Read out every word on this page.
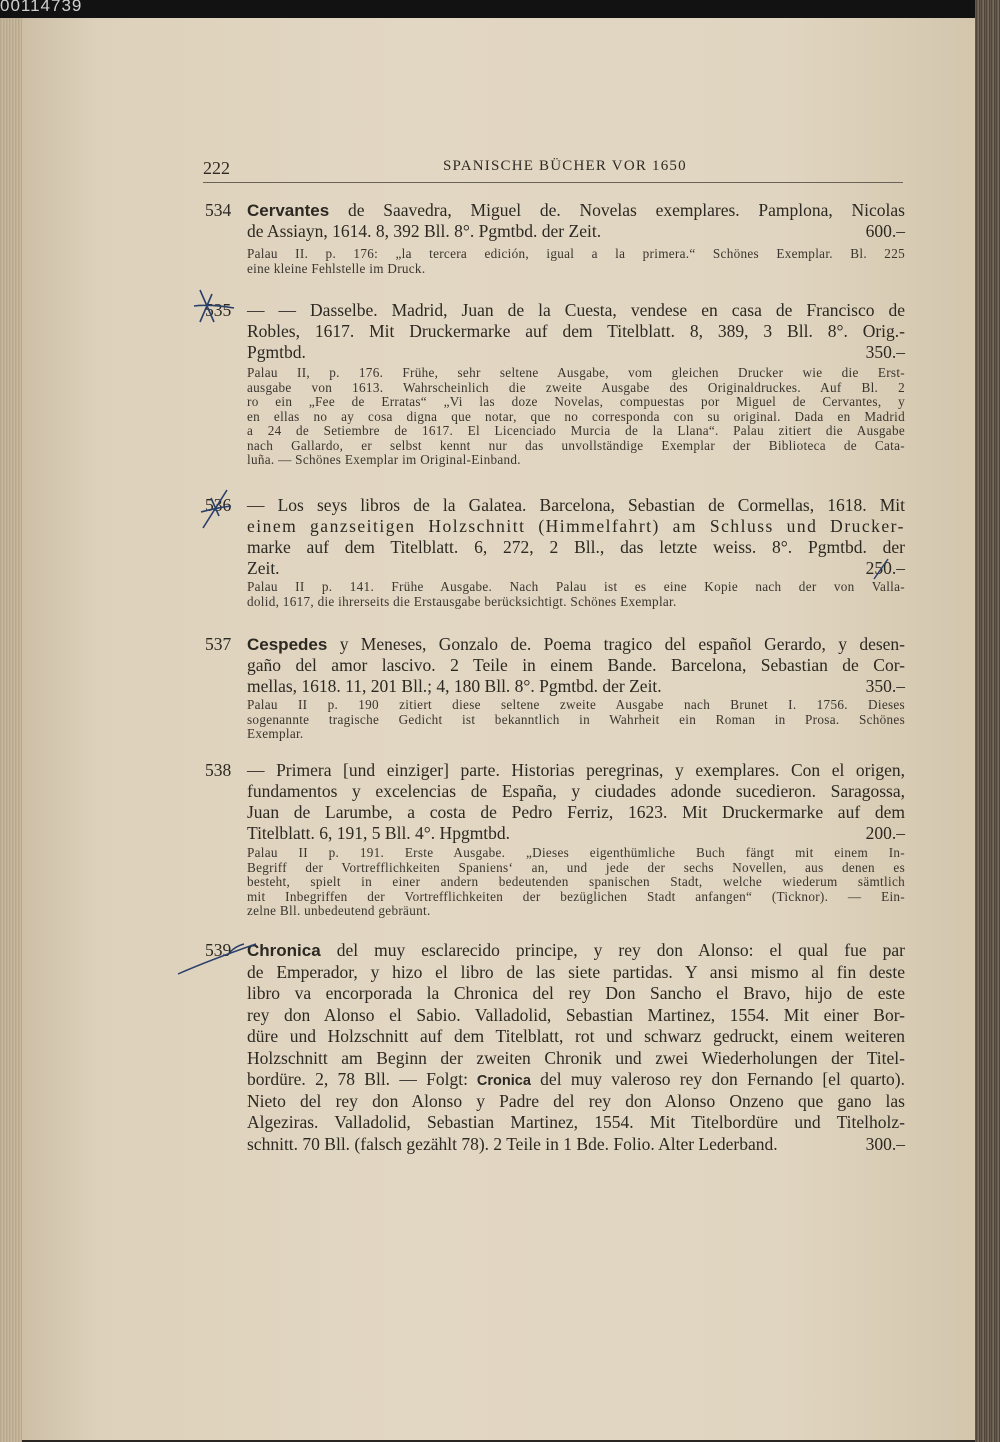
00114739
222	SPANISCHE BÜCHER VOR 1650
534 Cervantes de Saavedra, Miguel de. Novelas exemplares. Pamplona, Nicolas
de Assiayn, 1614. 8, 392 Bll. 8°. Pgmtbd. der Zeit.	600.–
Palau II. p. 176: „la tercera edición, igual a la primera.“ Schönes Exemplar. Bl. 225
eine kleine Fehlstelle im Druck.
535 — — Dasselbe. Madrid, Juan de la Cuesta, vendese en casa de Francisco de
Robles, 1617. Mit Druckermarke auf dem Titelblatt. 8, 389, 3 Bll. 8°. Orig.-
Pgmtbd.	350.–
Palau II, p. 176. Frühe, sehr seltene Ausgabe, vom gleichen Drucker wie die Erst-
ausgabe von 1613. Wahrscheinlich die zweite Ausgabe des Originaldruckes. Auf Bl. 2
ro ein „Fee de Erratas“ „Vi las doze Novelas, compuestas por Miguel de Cervantes, y
en ellas no ay cosa digna que notar, que no corresponda con su original. Dada en Madrid
a 24 de Setiembre de 1617. El Licenciado Murcia de la Llana“. Palau zitiert die Ausgabe
nach Gallardo, er selbst kennt nur das unvollständige Exemplar der Biblioteca de Cata-
luña. — Schönes Exemplar im Original-Einband.
536 — Los seys libros de la Galatea. Barcelona, Sebastian de Cormellas, 1618. Mit
einem ganzseitigen Holzschnitt (Himmelfahrt) am Schluss und Drucker-
marke auf dem Titelblatt. 6, 272, 2 Bll., das letzte weiss. 8°. Pgmtbd. der
Zeit.	250.–
Palau II p. 141. Frühe Ausgabe. Nach Palau ist es eine Kopie nach der von Valla-
dolid, 1617, die ihrerseits die Erstausgabe berücksichtigt. Schönes Exemplar.
537 Cespedes y Meneses, Gonzalo de. Poema tragico del español Gerardo, y desen-
gaño del amor lascivo. 2 Teile in einem Bande. Barcelona, Sebastian de Cor-
mellas, 1618. 11, 201 Bll.; 4, 180 Bll. 8°. Pgmtbd. der Zeit.	350.–
Palau II p. 190 zitiert diese seltene zweite Ausgabe nach Brunet I. 1756. Dieses
sogenannte tragische Gedicht ist bekanntlich in Wahrheit ein Roman in Prosa. Schönes
Exemplar.
538 — Primera [und einziger] parte. Historias peregrinas, y exemplares. Con el origen,
fundamentos y excelencias de España, y ciudades adonde sucedieron. Saragossa,
Juan de Larumbe, a costa de Pedro Ferriz, 1623. Mit Druckermarke auf dem
Titelblatt. 6, 191, 5 Bll. 4°. Hpgmtbd.	200.–
Palau II p. 191. Erste Ausgabe. „Dieses eigenthümliche Buch fängt mit einem In-
Begriff der Vortrefflichkeiten Spaniens‘ an, und jede der sechs Novellen, aus denen es
besteht, spielt in einer andern bedeutenden spanischen Stadt, welche wiederum sämtlich
mit Inbegriffen der Vortrefflichkeiten der bezüglichen Stadt anfangen“ (Ticknor). — Ein-
zelne Bll. unbedeutend gebräunt.
539 Chronica del muy esclarecido principe, y rey don Alonso: el qual fue par
de Emperador, y hizo el libro de las siete partidas. Y ansi mismo al fin deste
libro va encorporada la Chronica del rey Don Sancho el Bravo, hijo de este
rey don Alonso el Sabio. Valladolid, Sebastian Martinez, 1554. Mit einer Bor-
düre und Holzschnitt auf dem Titelblatt, rot und schwarz gedruckt, einem weiteren
Holzschnitt am Beginn der zweiten Chronik und zwei Wiederholungen der Titel-
bordüre. 2, 78 Bll. — Folgt: Cronica del muy valeroso rey don Fernando [el quarto).
Nieto del rey don Alonso y Padre del rey don Alonso Onzeno que gano las
Algeziras. Valladolid, Sebastian Martinez, 1554. Mit Titelbordüre und Titelholz-
schnitt. 70 Bll. (falsch gezählt 78). 2 Teile in 1 Bde. Folio. Alter Lederband.	300.–
